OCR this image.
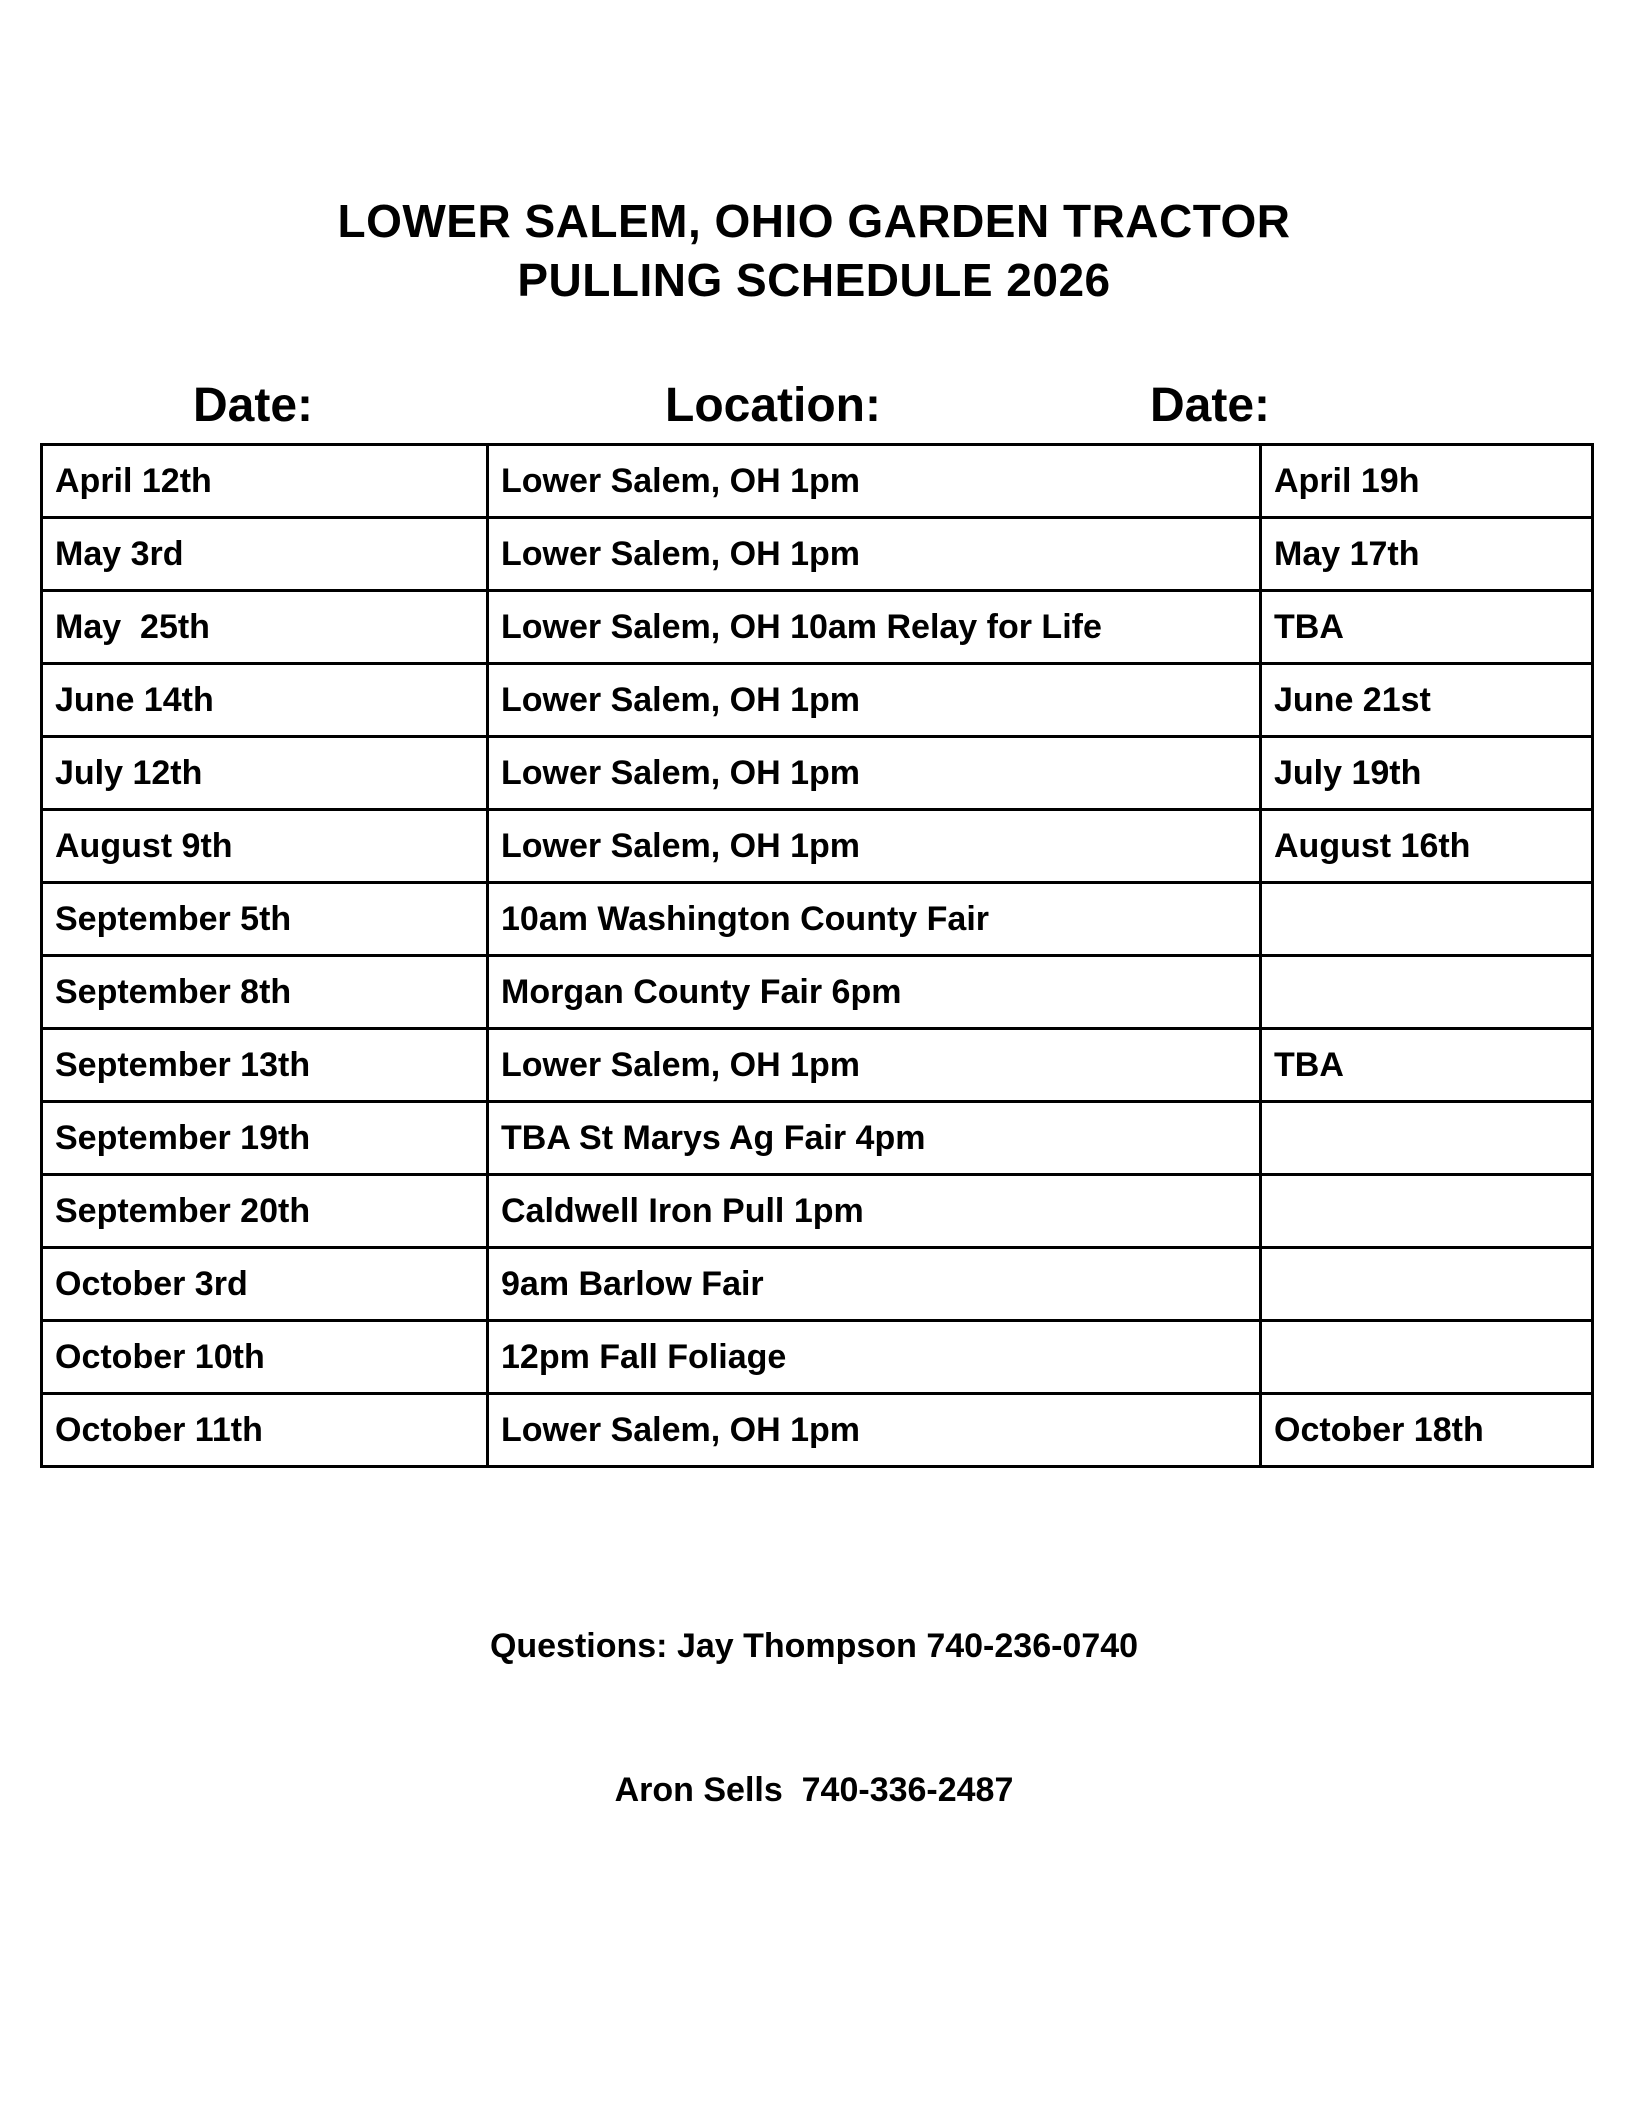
LOWER SALEM, OHIO GARDEN TRACTOR
PULLING SCHEDULE 2026
Date:	Location:	Date:
April 12th	Lower Salem, OH 1pm	April 19h
May 3rd	Lower Salem, OH 1pm	May 17th
May  25th	Lower Salem, OH 10am Relay for Life	TBA
June 14th	Lower Salem, OH 1pm	June 21st
July 12th	Lower Salem, OH 1pm	July 19th
August 9th	Lower Salem, OH 1pm	August 16th
September 5th	10am Washington County Fair	
September 8th	Morgan County Fair 6pm	
September 13th	Lower Salem, OH 1pm	TBA
September 19th	TBA St Marys Ag Fair 4pm	
September 20th	Caldwell Iron Pull 1pm	
October 3rd	9am Barlow Fair	
October 10th	12pm Fall Foliage	
October 11th	Lower Salem, OH 1pm	October 18th

Questions: Jay Thompson 740-236-0740

Aron Sells  740-336-2487
